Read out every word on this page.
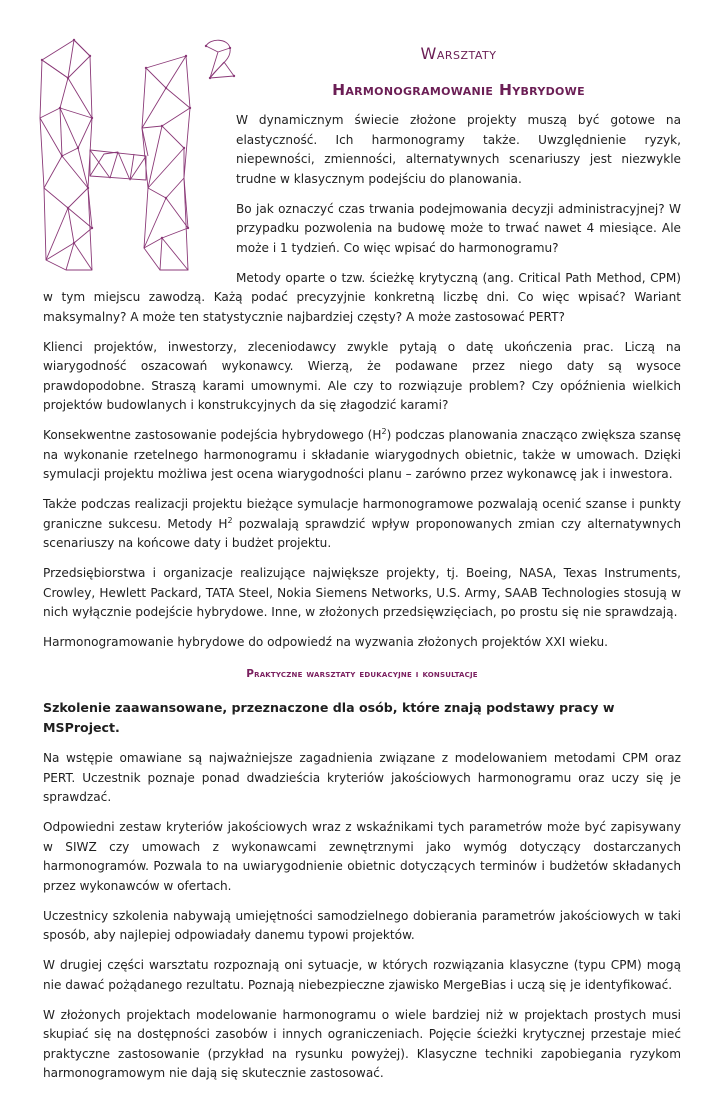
Warsztaty
Harmonogramowanie Hybrydowe

W dynamicznym świecie złożone projekty muszą być gotowe na elastyczność. Ich harmonogramy także. Uwzględnienie ryzyk, niepewności, zmienności, alternatywnych scenariuszy jest niezwykle trudne w klasycznym podejściu do planowania.

Bo jak oznaczyć czas trwania podejmowania decyzji administracyjnej? W przypadku pozwolenia na budowę może to trwać nawet 4 miesiące. Ale może i 1 tydzień. Co więc wpisać do harmonogramu?

Metody oparte o tzw. ścieżkę krytyczną (ang. Critical Path Method, CPM) w tym miejscu zawodzą. Każą podać precyzyjnie konkretną liczbę dni. Co więc wpisać? Wariant maksymalny? A może ten statystycznie najbardziej częsty? A może zastosować PERT?

Klienci projektów, inwestorzy, zleceniodawcy zwykle pytają o datę ukończenia prac. Liczą na wiarygodność oszacowań wykonawcy. Wierzą, że podawane przez niego daty są wysoce prawdopodobne. Straszą karami umownymi. Ale czy to rozwiązuje problem? Czy opóźnienia wielkich projektów budowlanych i konstrukcyjnych da się złagodzić karami?

Konsekwentne zastosowanie podejścia hybrydowego $(H^2)$ podczas planowania znacząco zwiększa szansę na wykonanie rzetelnego harmonogramu i składanie wiarygodnych obietnic, także w umowach. Dzięki symulacji projektu możliwa jest ocena wiarygodności planu – zarówno przez wykonawcę jak i inwestora.

Także podczas realizacji projektu bieżące symulacje harmonogramowe pozwalają ocenić szanse i punkty graniczne sukcesu. Metody $H^2$ pozwalają sprawdzić wpływ proponowanych zmian czy alternatywnych scenariuszy na końcowe daty i budżet projektu.

Przedsiębiorstwa i organizacje realizujące największe projekty, tj. Boeing, NASA, Texas Instruments, Crowley, Hewlett Packard, TATA Steel, Nokia Siemens Networks, U.S. Army, SAAB Technologies stosują w nich wyłącznie podejście hybrydowe. Inne, w złożonych przedsięwzięciach, po prostu się nie sprawdzają.

Harmonogramowanie hybrydowe do odpowiedź na wyzwania złożonych projektów XXI wieku.

Praktyczne warsztaty edukacyjne i konsultacje
Szkolenie zaawansowane, przeznaczone dla osób, które znają podstawy pracy w MSProject.

Na wstępie omawiane są najważniejsze zagadnienia związane z modelowaniem metodami CPM oraz PERT. Uczestnik poznaje ponad dwadzieścia kryteriów jakościowych harmonogramu oraz uczy się je sprawdzać.

Odpowiedni zestaw kryteriów jakościowych wraz z wskaźnikami tych parametrów może być zapisywany w SIWZ czy umowach z wykonawcami zewnętrznymi jako wymóg dotyczący dostarczanych harmonogramów. Pozwala to na uwiarygodnienie obietnic dotyczących terminów i budżetów składanych przez wykonawców w ofertach.

Uczestnicy szkolenia nabywają umiejętności samodzielnego dobierania parametrów jakościowych w taki sposób, aby najlepiej odpowiadały danemu typowi projektów.

W drugiej części warsztatu rozpoznają oni sytuacje, w których rozwiązania klasyczne (typu CPM) mogą nie dawać pożądanego rezultatu. Poznają niebezpieczne zjawisko MergeBias i uczą się je identyfikować.

W złożonych projektach modelowanie harmonogramu o wiele bardziej niż w projektach prostych musi skupiać się na dostępności zasobów i innych ograniczeniach. Pojęcie ścieżki krytycznej przestaje mieć praktyczne zastosowanie (przykład na rysunku powyżej). Klasyczne techniki zapobiegania ryzykom harmonogramowym nie dają się skutecznie zastosować.
